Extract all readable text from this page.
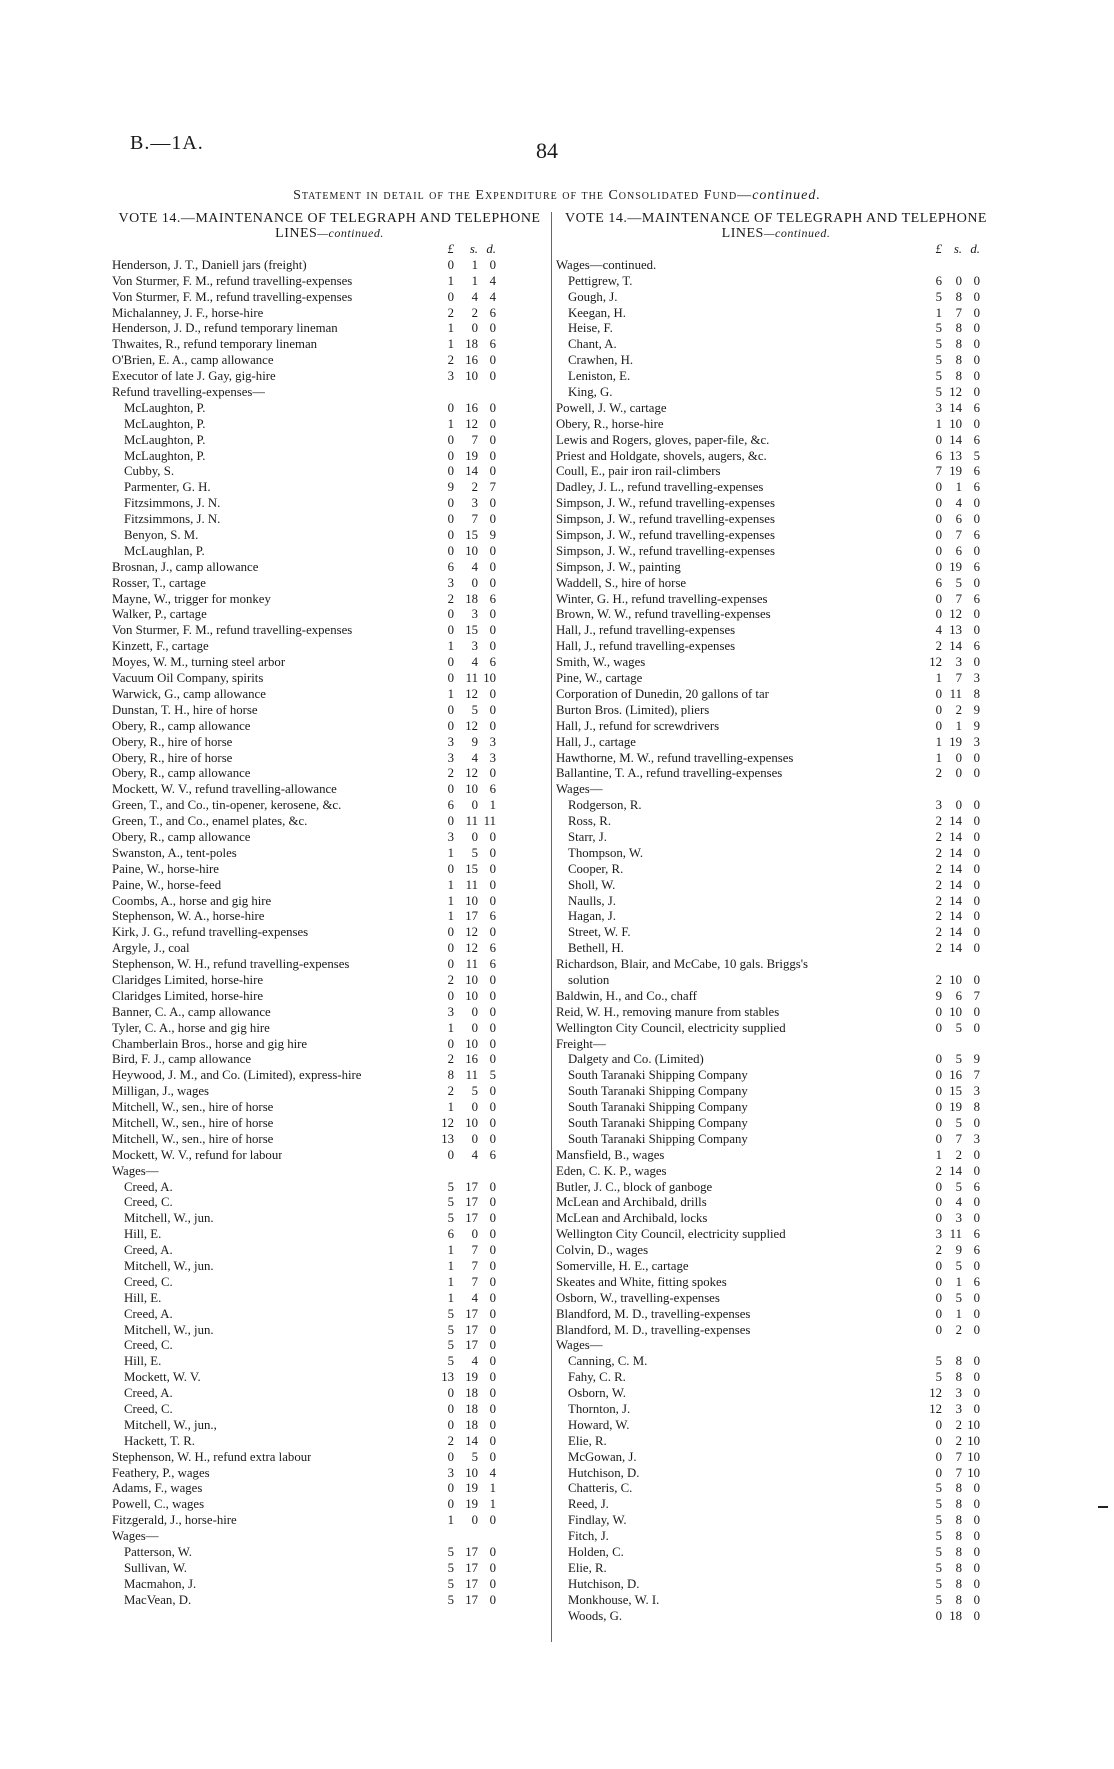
B.—1A.	84
Statement in detail of the Expenditure of the Consolidated Fund—continued.
VOTE 14.—MAINTENANCE OF TELEGRAPH AND TELEPHONE LINES—continued.
£	s. d.
Henderson, J. T., Daniell jars (freight)	0	1 0
Von Sturmer, F. M., refund travelling-expenses	1	1 4
Von Sturmer, F. M., refund travelling-expenses	0	4 4
Michalanney, J. F., horse-hire	2	2 6
Henderson, J. D., refund temporary lineman	1	0 0
Thwaites, R., refund temporary lineman	1 18 6
O'Brien, E. A., camp allowance	2 16 0
Executor of late J. Gay, gig-hire	3 10 0
Refund travelling-expenses—
McLaughton, P.	0 16 0
McLaughton, P.	1 12 0
McLaughton, P.	0	7 0
McLaughton, P.	0 19 0
Cubby, S.	0 14 0
Parmenter, G. H.	9	2 7
Fitzsimmons, J. N.	0	3 0
Fitzsimmons, J. N.	0	7 0
Benyon, S. M.	0 15 9
McLaughlan, P.	0 10 0
Brosnan, J., camp allowance	6	4 0
Rosser, T., cartage	3	0 0
Mayne, W., trigger for monkey	2 18 6
Walker, P., cartage	0	3 0
Von Sturmer, F. M., refund travelling-expenses	0 15 0
Kinzett, F., cartage	1	3 0
Moyes, W. M., turning steel arbor	0	4 6
Vacuum Oil Company, spirits	0 11 10
Warwick, G., camp allowance	1 12 0
Dunstan, T. H., hire of horse	0	5 0
Obery, R., camp allowance	0 12 0
Obery, R., hire of horse	3	9 3
Obery, R., hire of horse	3	4 3
Obery, R., camp allowance	2 12 0
Mockett, W. V., refund travelling-allowance	0 10 6
Green, T., and Co., tin-opener, kerosene, &c.	6	0 1
Green, T., and Co., enamel plates, &c.	0 11 11
Obery, R., camp allowance	3	0 0
Swanston, A., tent-poles	1	5 0
Paine, W., horse-hire	0 15 0
Paine, W., horse-feed	1 11 0
Coombs, A., horse and gig hire	1 10 0
Stephenson, W. A., horse-hire	1 17 6
Kirk, J. G., refund travelling-expenses	0 12 0
Argyle, J., coal	0 12 6
Stephenson, W. H., refund travelling-expenses	0 11 6
Claridges Limited, horse-hire	2 10 0
Claridges Limited, horse-hire	0 10 0
Banner, C. A., camp allowance	3	0 0
Tyler, C. A., horse and gig hire	1	0 0
Chamberlain Bros., horse and gig hire	0 10 0
Bird, F. J., camp allowance	2 16 0
Heywood, J. M., and Co. (Limited), express-hire	8 11 5
Milligan, J., wages	2	5 0
Mitchell, W., sen., hire of horse	1	0 0
Mitchell, W., sen., hire of horse	12 10 0
Mitchell, W., sen., hire of horse	13	0 0
Mockett, W. V., refund for labour	0	4 6
Wages—
Creed, A.	5 17 0
Creed, C.	5 17 0
Mitchell, W., jun.	5 17 0
Hill, E.	6	0 0
Creed, A.	1	7 0
Mitchell, W., jun.	1	7 0
Creed, C.	1	7 0
Hill, E.	1	4 0
Creed, A.	5 17 0
Mitchell, W., jun.	5 17 0
Creed, C.	5 17 0
Hill, E.	5	4 0
Mockett, W. V.	13 19 0
Creed, A.	0 18 0
Creed, C.	0 18 0
Mitchell, W., jun.,	0 18 0
Hackett, T. R.	2 14 0
Stephenson, W. H., refund extra labour	0	5 0
Feathery, P., wages	3 10 4
Adams, F., wages	0 19 1
Powell, C., wages	0 19 1
Fitzgerald, J., horse-hire	1	0 0
Wages—
Patterson, W.	5 17 0
Sullivan, W.	5 17 0
Macmahon, J.	5 17 0
MacVean, D.	5 17 0
VOTE 14.—MAINTENANCE OF TELEGRAPH AND TELEPHONE LINES—continued.
£ s. d.
Wages—continued.
Pettigrew, T.	6	0 0
Gough, J.	5	8 0
Keegan, H.	1	7 0
Heise, F.	5	8 0
Chant, A.	5	8 0
Crawhen, H.	5	8 0
Leniston, E.	5	8 0
King, G.	5 12 0
Powell, J. W., cartage	3 14 6
Obery, R., horse-hire	1 10 0
Lewis and Rogers, gloves, paper-file, &c.	0 14 6
Priest and Holdgate, shovels, augers, &c.	6 13 5
Coull, E., pair iron rail-climbers	7 19 6
Dadley, J. L., refund travelling-expenses	0	1 6
Simpson, J. W., refund travelling-expenses	0	4 0
Simpson, J. W., refund travelling-expenses	0	6 0
Simpson, J. W., refund travelling-expenses	0	7 6
Simpson, J. W., refund travelling-expenses	0	6 0
Simpson, J. W., painting	0 19 6
Waddell, S., hire of horse	6	5 0
Winter, G. H., refund travelling-expenses	0	7 6
Brown, W. W., refund travelling-expenses	0 12 0
Hall, J., refund travelling-expenses	4 13 0
Hall, J., refund travelling-expenses	2 14 6
Smith, W., wages	12	3 0
Pine, W., cartage	1	7 3
Corporation of Dunedin, 20 gallons of tar	0 11 8
Burton Bros. (Limited), pliers	0	2 9
Hall, J., refund for screwdrivers	0	1 9
Hall, J., cartage	1 19 3
Hawthorne, M. W., refund travelling-expenses	1	0 0
Ballantine, T. A., refund travelling-expenses	2	0 0
Wages—
Rodgerson, R.	3	0 0
Ross, R.	2 14 0
Starr, J.	2 14 0
Thompson, W.	2 14 0
Cooper, R.	2 14 0
Sholl, W.	2 14 0
Naulls, J.	2 14 0
Hagan, J.	2 14 0
Street, W. F.	2 14 0
Bethell, H.	2 14 0
Richardson, Blair, and McCabe, 10 gals. Briggs's
solution	2 10 0
Baldwin, H., and Co., chaff	9	6 7
Reid, W. H., removing manure from stables	0 10 0
Wellington City Council, electricity supplied	0	5 0
Freight—
Dalgety and Co. (Limited)	0	5 9
South Taranaki Shipping Company	0 16 7
South Taranaki Shipping Company	0 15 3
South Taranaki Shipping Company	0 19 8
South Taranaki Shipping Company	0	5 0
South Taranaki Shipping Company	0	7 3
Mansfield, B., wages	1	2 0
Eden, C. K. P., wages	2 14 0
Butler, J. C., block of ganboge	0	5 6
McLean and Archibald, drills	0	4 0
McLean and Archibald, locks	0	3 0
Wellington City Council, electricity supplied	3 11 6
Colvin, D., wages	2	9 6
Somerville, H. E., cartage	0	5 0
Skeates and White, fitting spokes	0	1 6
Osborn, W., travelling-expenses	0	5 0
Blandford, M. D., travelling-expenses	0	1 0
Blandford, M. D., travelling-expenses	0	2 0
Wages—
Canning, C. M.	5	8 0
Fahy, C. R.	5	8 0
Osborn, W.	12	3 0
Thornton, J.	12	3 0
Howard, W.	0	2 10
Elie, R.	0	2 10
McGowan, J.	0	7 10
Hutchison, D.	0	7 10
Chatteris, C.	5	8 0
Reed, J.	5	8 0
Findlay, W.	5	8 0
Fitch, J.	5	8 0
Holden, C.	5	8 0
Elie, R.	5	8 0
Hutchison, D.	5	8 0
Monkhouse, W. I.	5	8 0
Woods, G.	0 18 0
